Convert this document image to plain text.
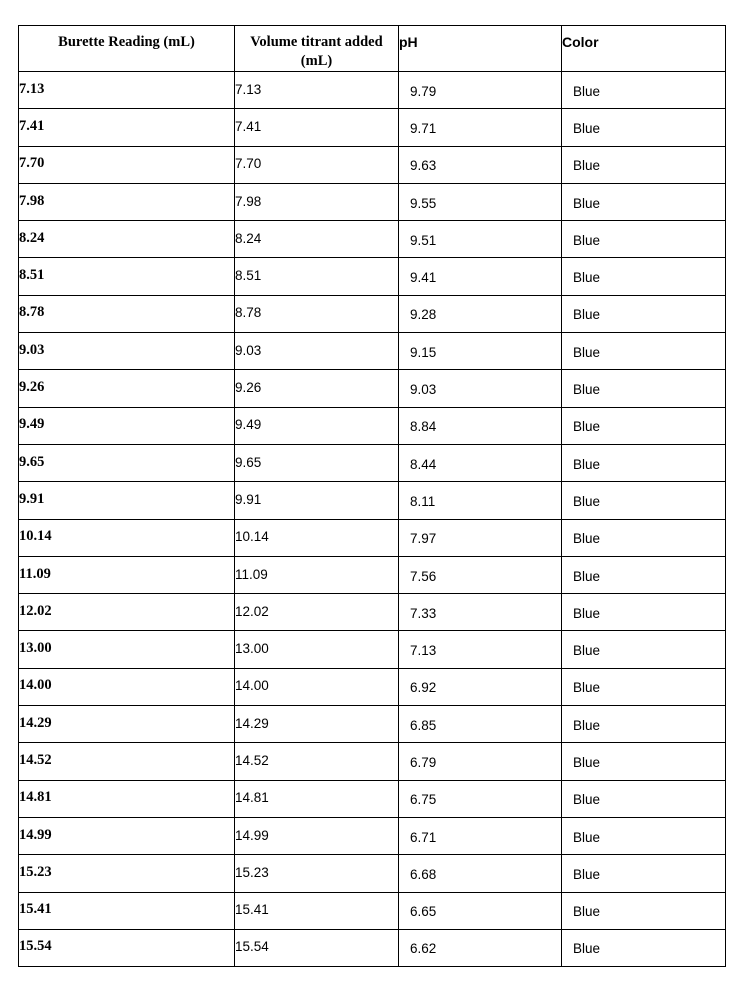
Burette Reading (mL)	Volume titrant added (mL)	pH	Color
7.13	7.13	9.79	Blue
7.41	7.41	9.71	Blue
7.70	7.70	9.63	Blue
7.98	7.98	9.55	Blue
8.24	8.24	9.51	Blue
8.51	8.51	9.41	Blue
8.78	8.78	9.28	Blue
9.03	9.03	9.15	Blue
9.26	9.26	9.03	Blue
9.49	9.49	8.84	Blue
9.65	9.65	8.44	Blue
9.91	9.91	8.11	Blue
10.14	10.14	7.97	Blue
11.09	11.09	7.56	Blue
12.02	12.02	7.33	Blue
13.00	13.00	7.13	Blue
14.00	14.00	6.92	Blue
14.29	14.29	6.85	Blue
14.52	14.52	6.79	Blue
14.81	14.81	6.75	Blue
14.99	14.99	6.71	Blue
15.23	15.23	6.68	Blue
15.41	15.41	6.65	Blue
15.54	15.54	6.62	Blue
